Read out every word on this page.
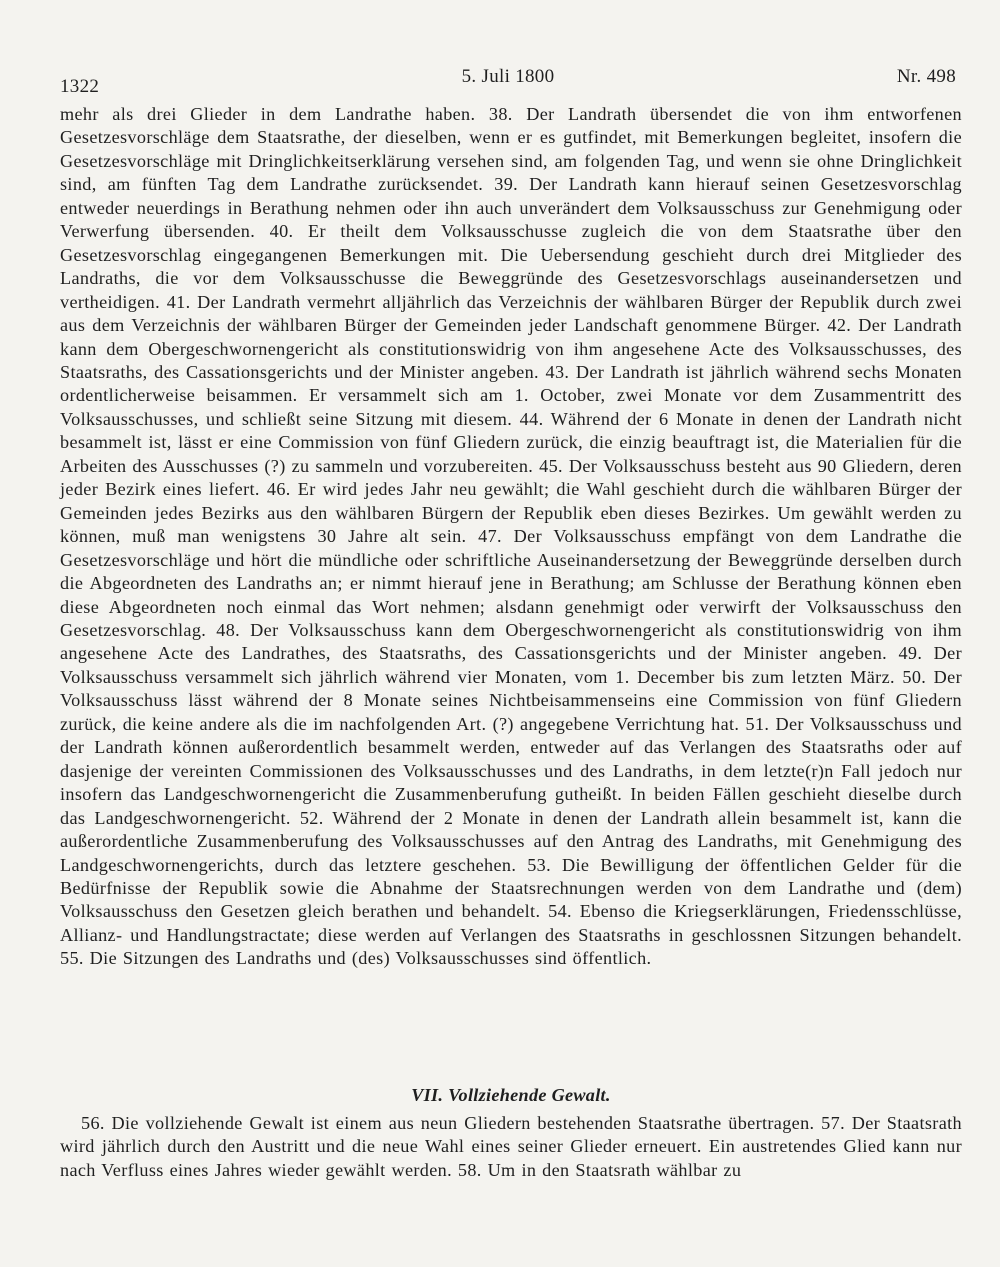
1322	5. Juli 1800	Nr. 498

mehr als drei Glieder in dem Landrathe haben. 38. Der Landrath übersendet die von ihm entworfenen Gesetzesvorschläge dem Staatsrathe, der dieselben, wenn er es gutfindet, mit Bemerkungen begleitet, insofern die Gesetzesvorschläge mit Dringlichkeitserklärung versehen sind, am folgenden Tag, und wenn sie ohne Dringlichkeit sind, am fünften Tag dem Landrathe zurücksendet. 39. Der Landrath kann hierauf seinen Gesetzesvorschlag entweder neuerdings in Berathung nehmen oder ihn auch unverändert dem Volksausschuss zur Genehmigung oder Verwerfung übersenden. 40. Er theilt dem Volksausschusse zugleich die von dem Staatsrathe über den Gesetzesvorschlag eingegangenen Bemerkungen mit. Die Uebersendung geschieht durch drei Mitglieder des Landraths, die vor dem Volksausschusse die Beweggründe des Gesetzesvorschlags auseinandersetzen und vertheidigen. 41. Der Landrath vermehrt alljährlich das Verzeichnis der wählbaren Bürger der Republik durch zwei aus dem Verzeichnis der wählbaren Bürger der Gemeinden jeder Landschaft genommene Bürger. 42. Der Landrath kann dem Obergeschwornengericht als constitutionswidrig von ihm angesehene Acte des Volksausschusses, des Staatsraths, des Cassationsgerichts und der Minister angeben. 43. Der Landrath ist jährlich während sechs Monaten ordentlicherweise beisammen. Er versammelt sich am 1. October, zwei Monate vor dem Zusammentritt des Volksausschusses, und schließt seine Sitzung mit diesem. 44. Während der 6 Monate in denen der Landrath nicht besammelt ist, lässt er eine Commission von fünf Gliedern zurück, die einzig beauftragt ist, die Materialien für die Arbeiten des Ausschusses (?) zu sammeln und vorzubereiten. 45. Der Volksausschuss besteht aus 90 Gliedern, deren jeder Bezirk eines liefert. 46. Er wird jedes Jahr neu gewählt; die Wahl geschieht durch die wählbaren Bürger der Gemeinden jedes Bezirks aus den wählbaren Bürgern der Republik eben dieses Bezirkes. Um gewählt werden zu können, muß man wenigstens 30 Jahre alt sein. 47. Der Volksausschuss empfängt von dem Landrathe die Gesetzesvorschläge und hört die mündliche oder schriftliche Auseinandersetzung der Beweggründe derselben durch die Abgeordneten des Landraths an; er nimmt hierauf jene in Berathung; am Schlusse der Berathung können eben diese Abgeordneten noch einmal das Wort nehmen; alsdann genehmigt oder verwirft der Volksausschuss den Gesetzesvorschlag. 48. Der Volksausschuss kann dem Obergeschwornengericht als constitutionswidrig von ihm angesehene Acte des Landrathes, des Staatsraths, des Cassationsgerichts und der Minister angeben. 49. Der Volksausschuss versammelt sich jährlich während vier Monaten, vom 1. December bis zum letzten März. 50. Der Volksausschuss lässt während der 8 Monate seines Nichtbeisammenseins eine Commission von fünf Gliedern zurück, die keine andere als die im nachfolgenden Art. (?) angegebene Verrichtung hat. 51. Der Volksausschuss und der Landrath können außerordentlich besammelt werden, entweder auf das Verlangen des Staatsraths oder auf dasjenige der vereinten Commissionen des Volksausschusses und des Landraths, in dem letzte(r)n Fall jedoch nur insofern das Landgeschwornengericht die Zusammenberufung gutheißt. In beiden Fällen geschieht dieselbe durch das Landgeschwornengericht. 52. Während der 2 Monate in denen der Landrath allein besammelt ist, kann die außerordentliche Zusammenberufung des Volksausschusses auf den Antrag des Landraths, mit Genehmigung des Landgeschwornengerichts, durch das letztere geschehen. 53. Die Bewilligung der öffentlichen Gelder für die Bedürfnisse der Republik sowie die Abnahme der Staatsrechnungen werden von dem Landrathe und (dem) Volksausschuss den Gesetzen gleich berathen und behandelt. 54. Ebenso die Kriegserklärungen, Friedensschlüsse, Allianz- und Handlungstractate; diese werden auf Verlangen des Staatsraths in geschlossnen Sitzungen behandelt. 55. Die Sitzungen des Landraths und (des) Volksausschusses sind öffentlich.

VII. Vollziehende Gewalt.

56. Die vollziehende Gewalt ist einem aus neun Gliedern bestehenden Staatsrathe übertragen. 57. Der Staatsrath wird jährlich durch den Austritt und die neue Wahl eines seiner Glieder erneuert. Ein austretendes Glied kann nur nach Verfluss eines Jahres wieder gewählt werden. 58. Um in den Staatsrath wählbar zu
